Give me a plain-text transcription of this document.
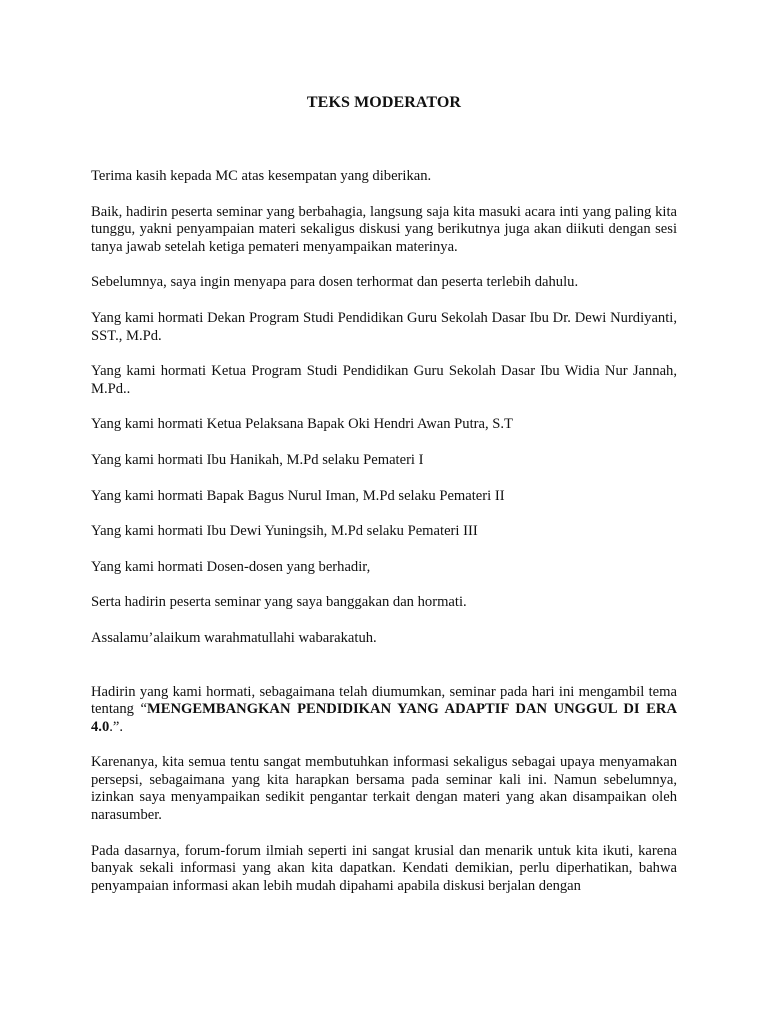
TEKS MODERATOR

Terima kasih kepada MC atas kesempatan yang diberikan.

Baik, hadirin peserta seminar yang berbahagia, langsung saja kita masuki acara inti yang paling kita tunggu, yakni penyampaian materi sekaligus diskusi yang berikutnya juga akan diikuti dengan sesi tanya jawab setelah ketiga pemateri menyampaikan materinya.

Sebelumnya, saya ingin menyapa para dosen terhormat dan peserta terlebih dahulu.

Yang kami hormati Dekan Program Studi Pendidikan Guru Sekolah Dasar Ibu Dr. Dewi Nurdiyanti, SST., M.Pd.

Yang kami hormati Ketua Program Studi Pendidikan Guru Sekolah Dasar Ibu Widia Nur Jannah, M.Pd..

Yang kami hormati Ketua Pelaksana Bapak Oki Hendri Awan Putra, S.T

Yang kami hormati Ibu Hanikah, M.Pd selaku Pemateri I

Yang kami hormati Bapak Bagus Nurul Iman, M.Pd selaku Pemateri II

Yang kami hormati Ibu Dewi Yuningsih, M.Pd selaku Pemateri III

Yang kami hormati Dosen-dosen yang berhadir,

Serta hadirin peserta seminar yang saya banggakan dan hormati.

Assalamu’alaikum warahmatullahi wabarakatuh.

Hadirin yang kami hormati, sebagaimana telah diumumkan, seminar pada hari ini mengambil tema tentang “MENGEMBANGKAN PENDIDIKAN YANG ADAPTIF DAN UNGGUL DI ERA 4.0.”.

Karenanya, kita semua tentu sangat membutuhkan informasi sekaligus sebagai upaya menyamakan persepsi, sebagaimana yang kita harapkan bersama pada seminar kali ini. Namun sebelumnya, izinkan saya menyampaikan sedikit pengantar terkait dengan materi yang akan disampaikan oleh narasumber.

Pada dasarnya, forum-forum ilmiah seperti ini sangat krusial dan menarik untuk kita ikuti, karena banyak sekali informasi yang akan kita dapatkan. Kendati demikian, perlu diperhatikan, bahwa penyampaian informasi akan lebih mudah dipahami apabila diskusi berjalan dengan
